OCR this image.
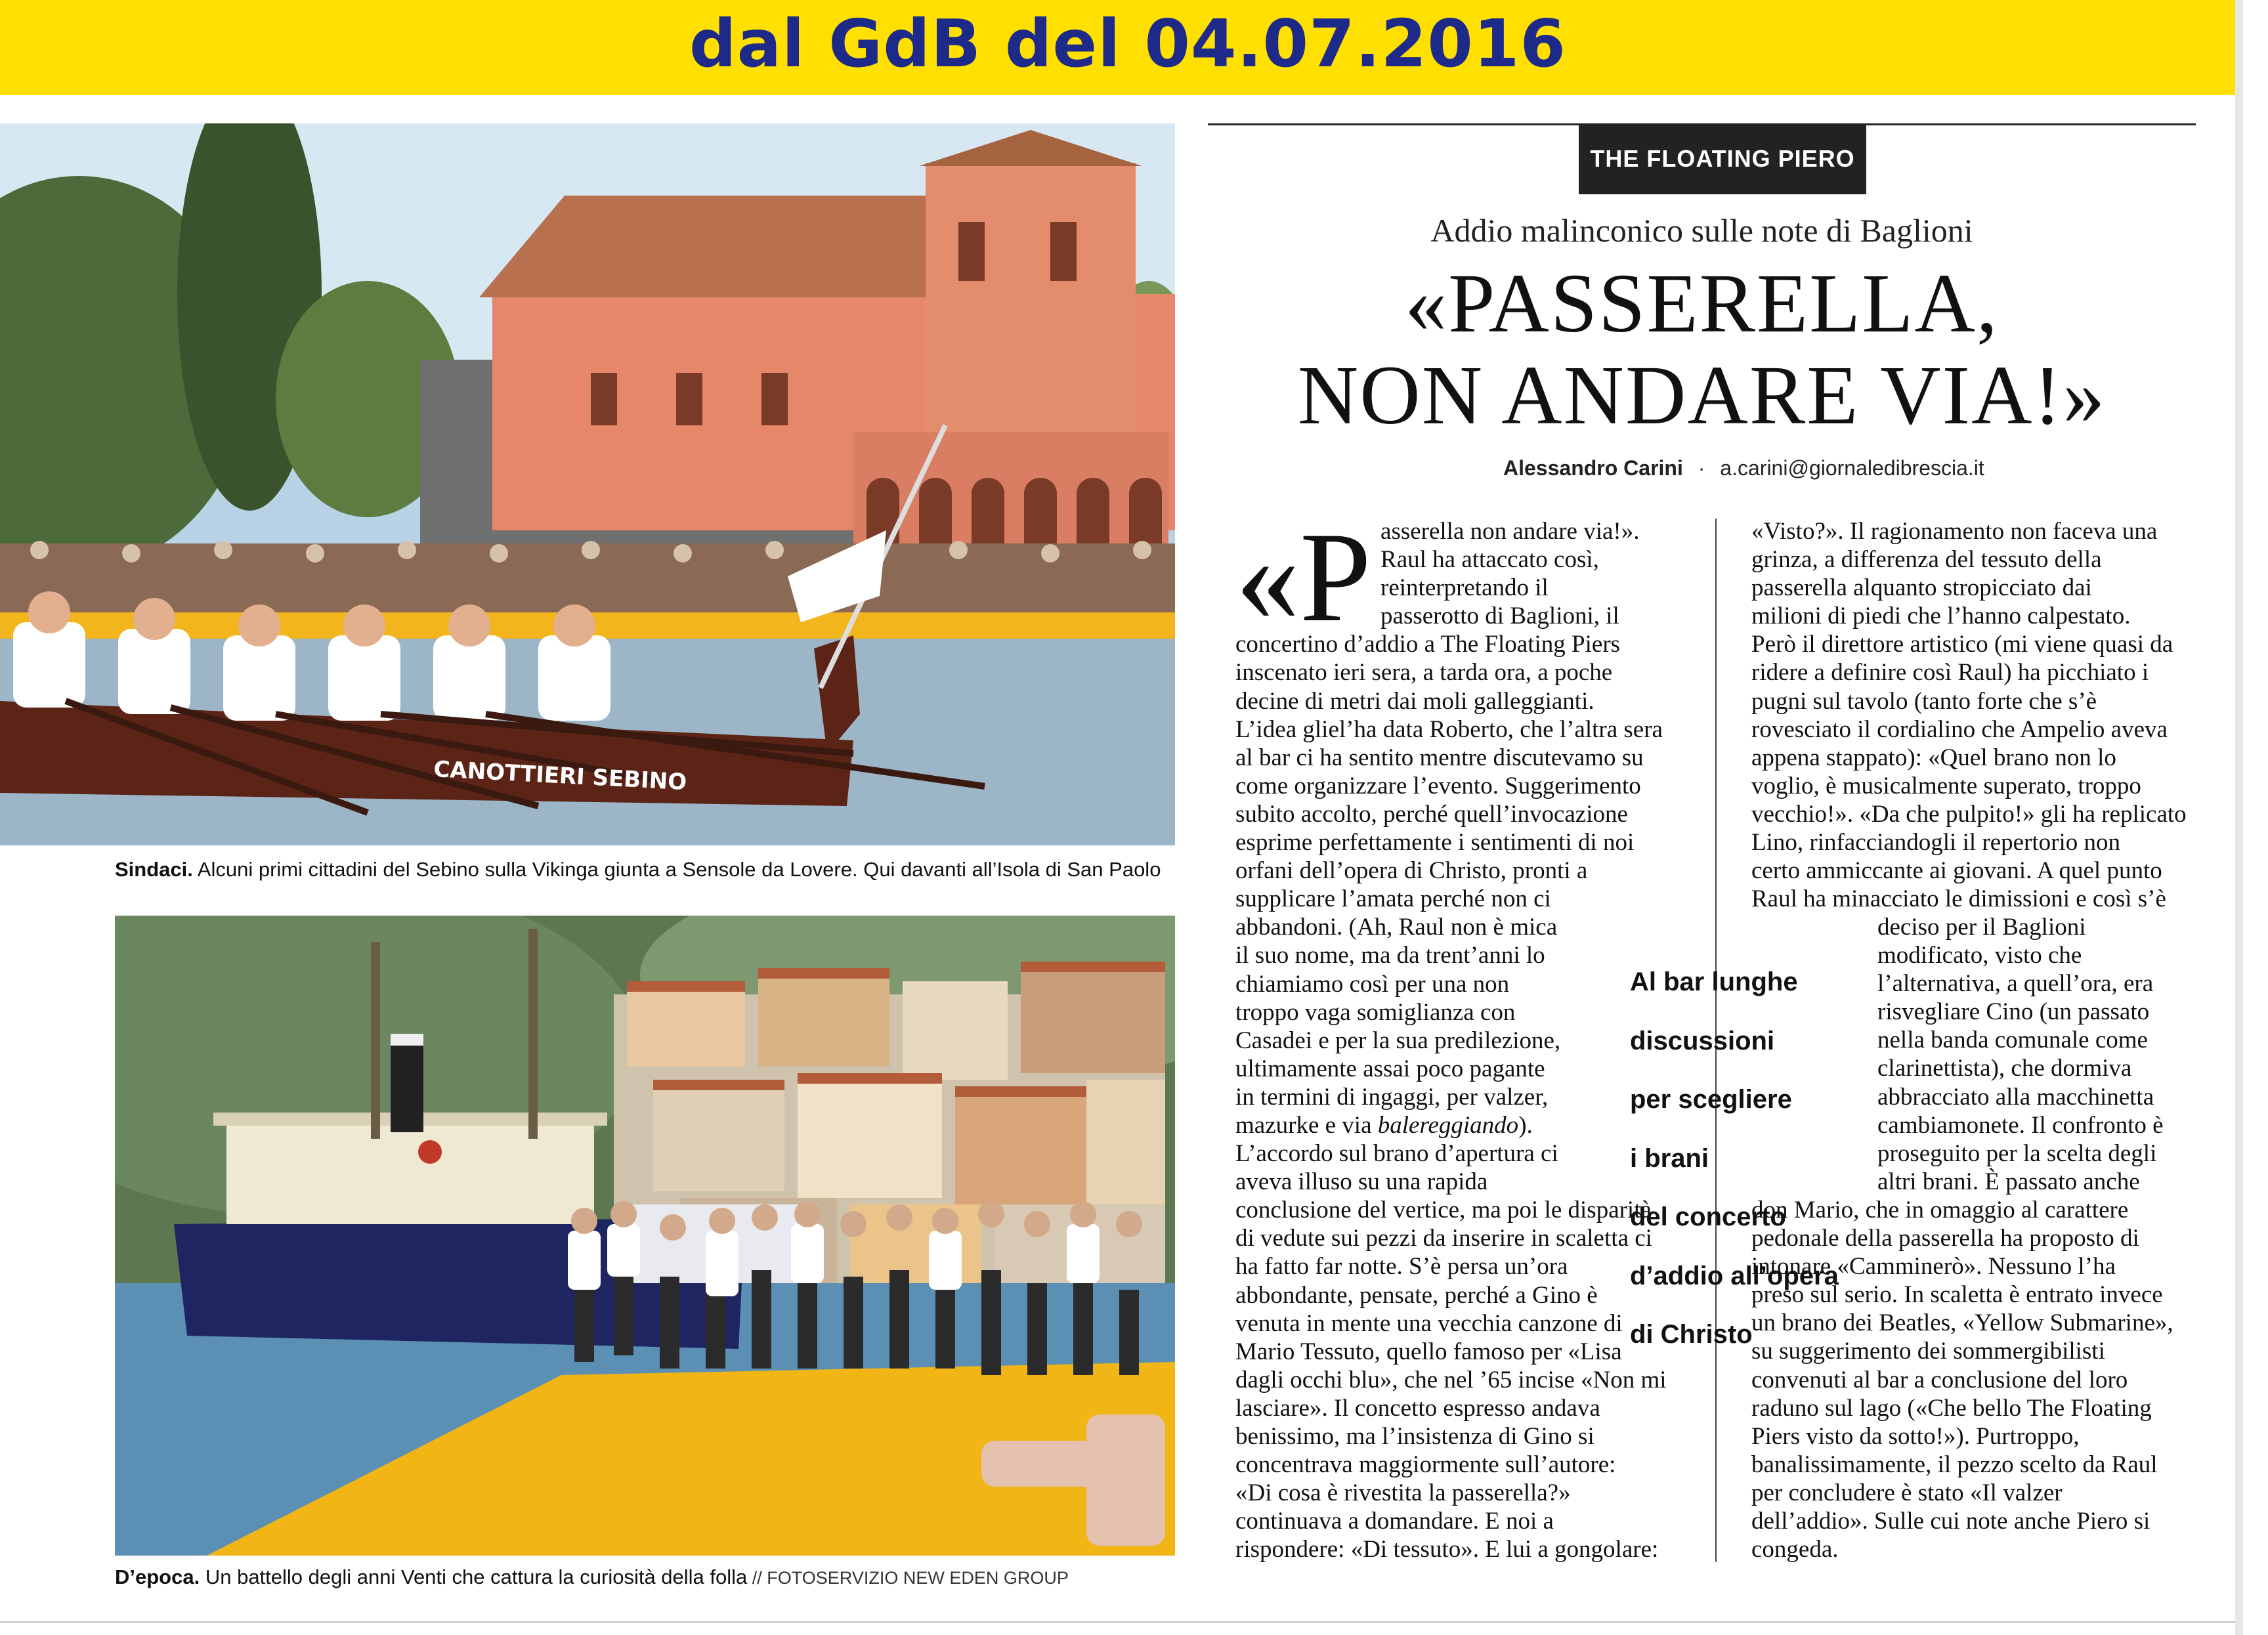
dal GdB del 04.07.2016
CANOTTIERI SEBINO
Sindaci. Alcuni primi cittadini del Sebino sulla Vikinga giunta a Sensole da Lovere. Qui davanti all’Isola di San Paolo
D’epoca. Un battello degli anni Venti che cattura la curiosità della folla // FOTOSERVIZIO NEW EDEN GROUP
THE FLOATING PIERO
Addio malinconico sulle note di Baglioni
«PASSERELLA,
NON ANDARE VIA!»
Alessandro Carini · a.carini@giornaledibrescia.it
«P asserella non andare via!».

Raul ha attaccato così,

reinterpretando il

passerotto di Baglioni, il

concertino d’addio a The Floating Piers

inscenato ieri sera, a tarda ora, a poche

decine di metri dai moli galleggianti.

L’idea gliel’ha data Roberto, che l’altra sera

al bar ci ha sentito mentre discutevamo su

come organizzare l’evento. Suggerimento

subito accolto, perché quell’invocazione

esprime perfettamente i sentimenti di noi

orfani dell’opera di Christo, pronti a

supplicare l’amata perché non ci

abbandoni. (Ah, Raul non è mica

il suo nome, ma da trent’anni lo

chiamiamo così per una non

troppo vaga somiglianza con

Casadei e per la sua predilezione,

ultimamente assai poco pagante

in termini di ingaggi, per valzer,

mazurke e via balereggiando).

L’accordo sul brano d’apertura ci

aveva illuso su una rapida

conclusione del vertice, ma poi le disparità

di vedute sui pezzi da inserire in scaletta ci

ha fatto far notte. S’è persa un’ora

abbondante, pensate, perché a Gino è

venuta in mente una vecchia canzone di

Mario Tessuto, quello famoso per «Lisa

dagli occhi blu», che nel ’65 incise «Non mi

lasciare». Il concetto espresso andava

benissimo, ma l’insistenza di Gino si

concentrava maggiormente sull’autore:

«Di cosa è rivestita la passerella?»

continuava a domandare. E noi a

rispondere: «Di tessuto». E lui a gongolare:

«Visto?». Il ragionamento non faceva una

grinza, a differenza del tessuto della

passerella alquanto stropicciato dai

milioni di piedi che l’hanno calpestato.

Però il direttore artistico (mi viene quasi da

ridere a definire così Raul) ha picchiato i

pugni sul tavolo (tanto forte che s’è

rovesciato il cordialino che Ampelio aveva

appena stappato): «Quel brano non lo

voglio, è musicalmente superato, troppo

vecchio!». «Da che pulpito!» gli ha replicato

Lino, rinfacciandogli il repertorio non

certo ammiccante ai giovani. A quel punto

Raul ha minacciato le dimissioni e così s’è

Al bar lunghe

discussioni

per scegliere

i brani

del concerto

d’addio all’opera

di Christo

deciso per il Baglioni

modificato, visto che

l’alternativa, a quell’ora, era

risvegliare Cino (un passato

nella banda comunale come

clarinettista), che dormiva

abbracciato alla macchinetta

cambiamonete. Il confronto è

proseguito per la scelta degli

altri brani. È passato anche

don Mario, che in omaggio al carattere

pedonale della passerella ha proposto di

intonare «Camminerò». Nessuno l’ha

preso sul serio. In scaletta è entrato invece

un brano dei Beatles, «Yellow Submarine»,

su suggerimento dei sommergibilisti

convenuti al bar a conclusione del loro

raduno sul lago («Che bello The Floating

Piers visto da sotto!»). Purtroppo,

banalissimamente, il pezzo scelto da Raul

per concludere è stato «Il valzer

dell’addio». Sulle cui note anche Piero si

congeda.
